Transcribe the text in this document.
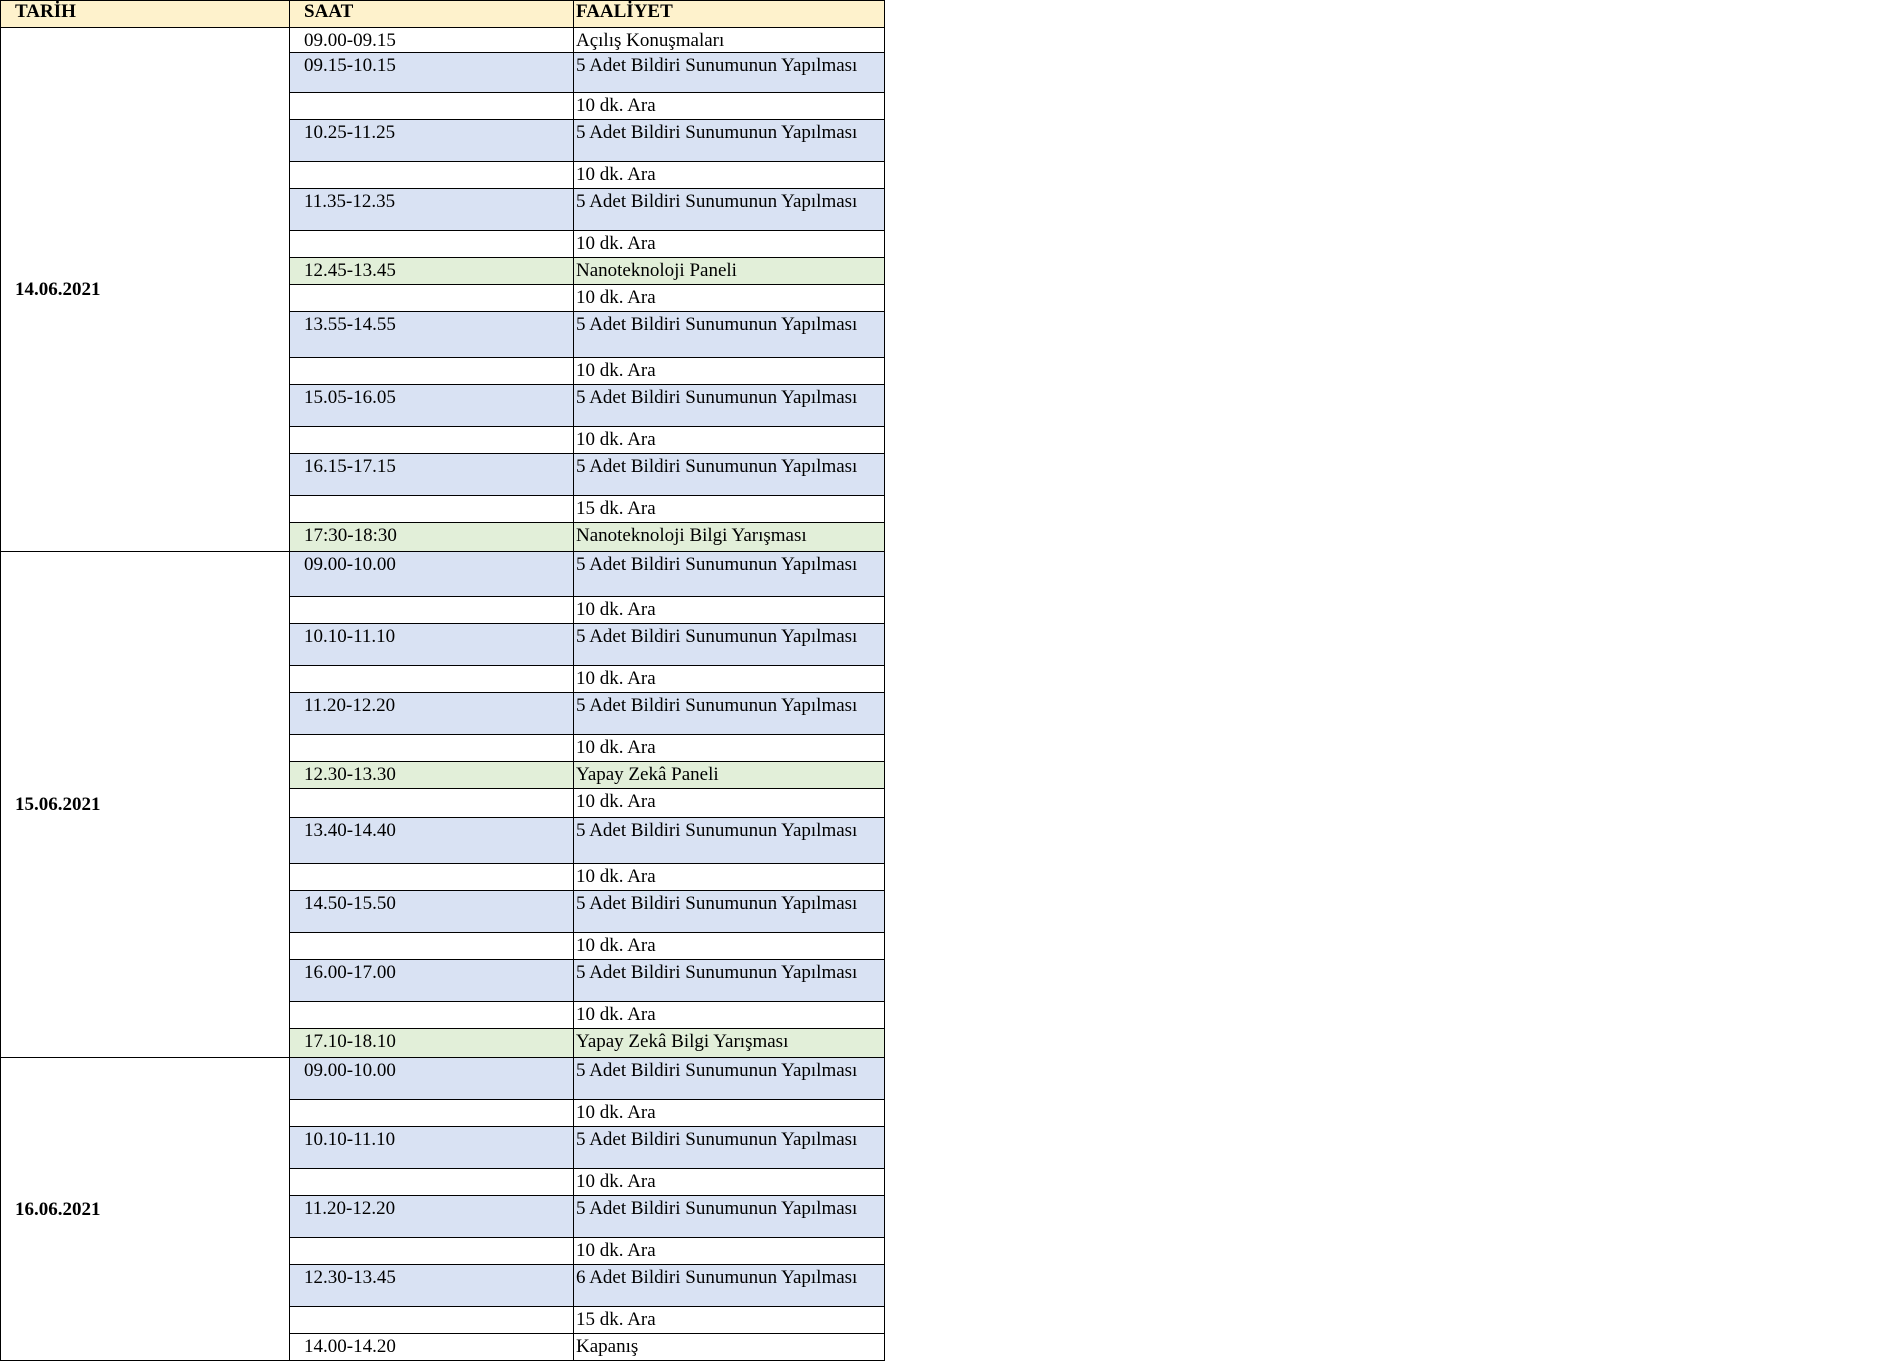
TARİH	SAAT	FAALİYET
14.06.2021	09.00-09.15	Açılış Konuşmaları
	09.15-10.15	5 Adet Bildiri Sunumunun Yapılması
		10 dk. Ara
	10.25-11.25	5 Adet Bildiri Sunumunun Yapılması
		10 dk. Ara
	11.35-12.35	5 Adet Bildiri Sunumunun Yapılması
		10 dk. Ara
	12.45-13.45	Nanoteknoloji Paneli
		10 dk. Ara
	13.55-14.55	5 Adet Bildiri Sunumunun Yapılması
		10 dk. Ara
	15.05-16.05	5 Adet Bildiri Sunumunun Yapılması
		10 dk. Ara
	16.15-17.15	5 Adet Bildiri Sunumunun Yapılması
		15 dk. Ara
	17:30-18:30	Nanoteknoloji Bilgi Yarışması
15.06.2021	09.00-10.00	5 Adet Bildiri Sunumunun Yapılması
		10 dk. Ara
	10.10-11.10	5 Adet Bildiri Sunumunun Yapılması
		10 dk. Ara
	11.20-12.20	5 Adet Bildiri Sunumunun Yapılması
		10 dk. Ara
	12.30-13.30	Yapay Zekâ Paneli
		10 dk. Ara
	13.40-14.40	5 Adet Bildiri Sunumunun Yapılması
		10 dk. Ara
	14.50-15.50	5 Adet Bildiri Sunumunun Yapılması
		10 dk. Ara
	16.00-17.00	5 Adet Bildiri Sunumunun Yapılması
		10 dk. Ara
	17.10-18.10	Yapay Zekâ Bilgi Yarışması
16.06.2021	09.00-10.00	5 Adet Bildiri Sunumunun Yapılması
		10 dk. Ara
	10.10-11.10	5 Adet Bildiri Sunumunun Yapılması
		10 dk. Ara
	11.20-12.20	5 Adet Bildiri Sunumunun Yapılması
		10 dk. Ara
	12.30-13.45	6 Adet Bildiri Sunumunun Yapılması
		15 dk. Ara
	14.00-14.20	Kapanış
